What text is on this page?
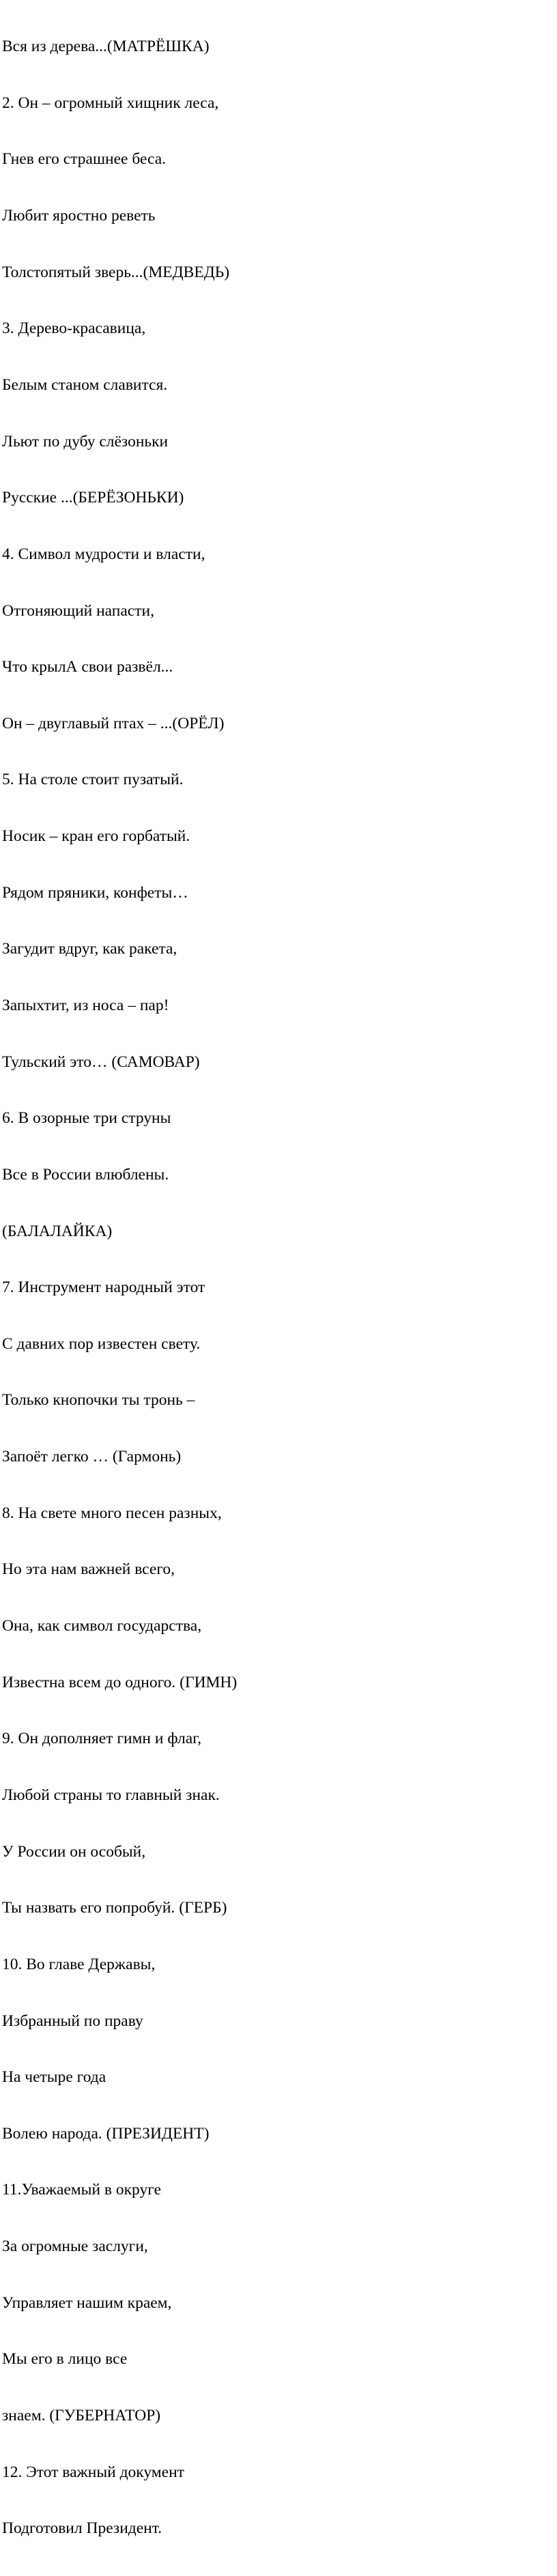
Вся из дерева...(МАТРЁШКА)

2. Он – огромный хищник леса,

Гнев его страшнее беса.

Любит яростно реветь

Толстопятый зверь...(МЕДВЕДЬ)

3. Дерево-красавица,

Белым станом славится.

Льют по дубу слёзоньки

Русские ...(БЕРЁЗОНЬКИ)

4. Символ мудрости и власти,

Отгоняющий напасти,

Что крылА свои развёл...

Он – двуглавый птах – ...(ОРЁЛ)

5. На столе стоит пузатый.

Носик – кран его горбатый.

Рядом пряники, конфеты…

Загудит вдруг, как ракета,

Запыхтит, из носа – пар!

Тульский это… (САМОВАР)

6. В озорные три струны

Все в России влюблены.

(БАЛАЛАЙКА)

7. Инструмент народный этот

С давних пор известен свету.

Только кнопочки ты тронь –

Запоёт легко … (Гармонь)

8. На свете много песен разных,

Но эта нам важней всего,

Она, как символ государства,

Известна всем до одного. (ГИМН)

9. Он дополняет гимн и флаг,

Любой страны то главный знак.

У России он особый,

Ты назвать его попробуй. (ГЕРБ)

10. Во главе Державы,

Избранный по праву

На четыре года

Волею народа. (ПРЕЗИДЕНТ)

11.Уважаемый в округе

За огромные заслуги,

Управляет нашим краем,

Мы его в лицо все

знаем. (ГУБЕРНАТОР)

12. Этот важный документ

Подготовил Президент.
